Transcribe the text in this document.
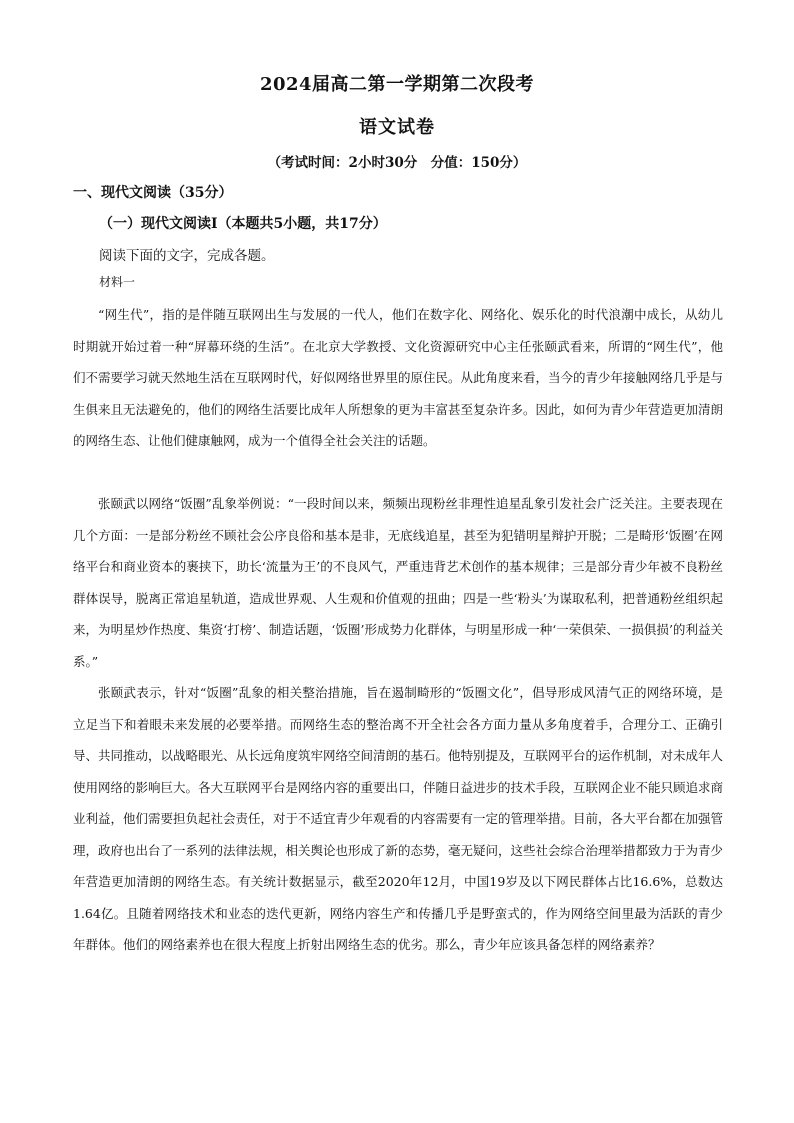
2024届高二第一学期第二次段考
语文试卷
（考试时间：2小时30分　分值：150分）
一、现代文阅读（35分）
（一）现代文阅读Ⅰ（本题共5小题，共17分）
阅读下面的文字，完成各题。
材料一

“网生代”，指的是伴随互联网出生与发展的一代人，他们在数字化、网络化、娱乐化的时代浪潮中成长，从幼儿时期就开始过着一种“屏幕环绕的生活”。在北京大学教授、文化资源研究中心主任张颐武看来，所谓的“网生代”，他们不需要学习就天然地生活在互联网时代，好似网络世界里的原住民。从此角度来看，当今的青少年接触网络几乎是与生俱来且无法避免的，他们的网络生活要比成年人所想象的更为丰富甚至复杂许多。因此，如何为青少年营造更加清朗的网络生态、让他们健康触网，成为一个值得全社会关注的话题。

张颐武以网络“饭圈”乱象举例说：“一段时间以来，频频出现粉丝非理性追星乱象引发社会广泛关注。主要表现在几个方面：一是部分粉丝不顾社会公序良俗和基本是非，无底线追星，甚至为犯错明星辩护开脱；二是畸形‘饭圈’在网络平台和商业资本的裹挟下，助长‘流量为王’的不良风气，严重违背艺术创作的基本规律；三是部分青少年被不良粉丝群体误导，脱离正常追星轨道，造成世界观、人生观和价值观的扭曲；四是一些‘粉头’为谋取私利，把普通粉丝组织起来，为明星炒作热度、集资‘打榜’、制造话题，‘饭圈’形成势力化群体，与明星形成一种‘一荣俱荣、一损俱损’的利益关系。”

张颐武表示，针对“饭圈”乱象的相关整治措施，旨在遏制畸形的“饭圈文化”，倡导形成风清气正的网络环境，是立足当下和着眼未来发展的必要举措。而网络生态的整治离不开全社会各方面力量从多角度着手，合理分工、正确引导、共同推动，以战略眼光、从长远角度筑牢网络空间清朗的基石。他特别提及，互联网平台的运作机制，对未成年人使用网络的影响巨大。各大互联网平台是网络内容的重要出口，伴随日益进步的技术手段，互联网企业不能只顾追求商业利益，他们需要担负起社会责任，对于不适宜青少年观看的内容需要有一定的管理举措。目前，各大平台都在加强管理，政府也出台了一系列的法律法规，相关舆论也形成了新的态势，毫无疑问，这些社会综合治理举措都致力于为青少年营造更加清朗的网络生态。有关统计数据显示，截至2020年12月，中国19岁及以下网民群体占比16.6%，总数达1.64亿。且随着网络技术和业态的迭代更新，网络内容生产和传播几乎是野蛮式的，作为网络空间里最为活跃的青少年群体。他们的网络素养也在很大程度上折射出网络生态的优劣。那么，青少年应该具备怎样的网络素养？
